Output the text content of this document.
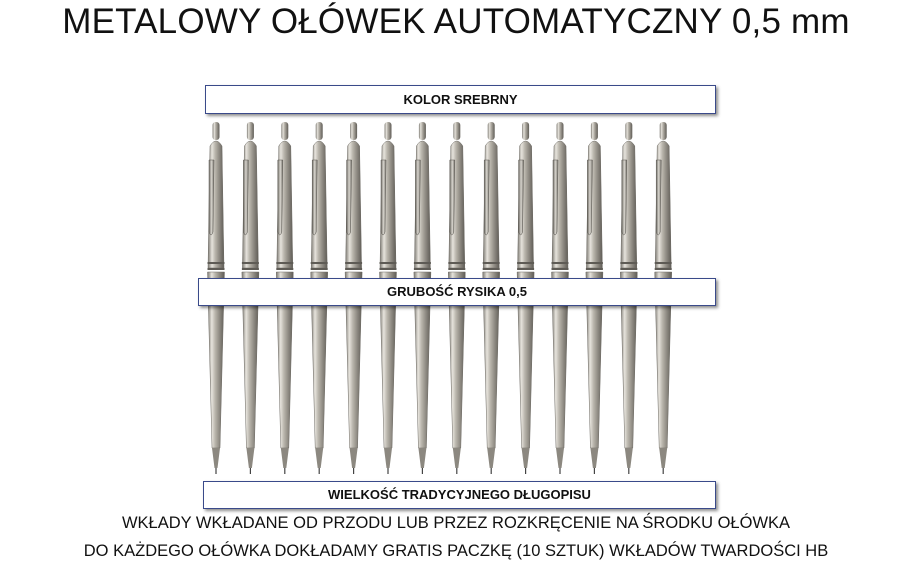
METALOWY OŁÓWEK AUTOMATYCZNY 0,5 mm
KOLOR SREBRNY
GRUBOŚĆ RYSIKA 0,5
WIELKOŚĆ TRADYCYJNEGO DŁUGOPISU
WKŁADY WKŁADANE OD PRZODU LUB PRZEZ ROZKRĘCENIE NA ŚRODKU OŁÓWKA
DO KAŻDEGO OŁÓWKA DOKŁADAMY GRATIS PACZKĘ (10 SZTUK) WKŁADÓW TWARDOŚCI HB
